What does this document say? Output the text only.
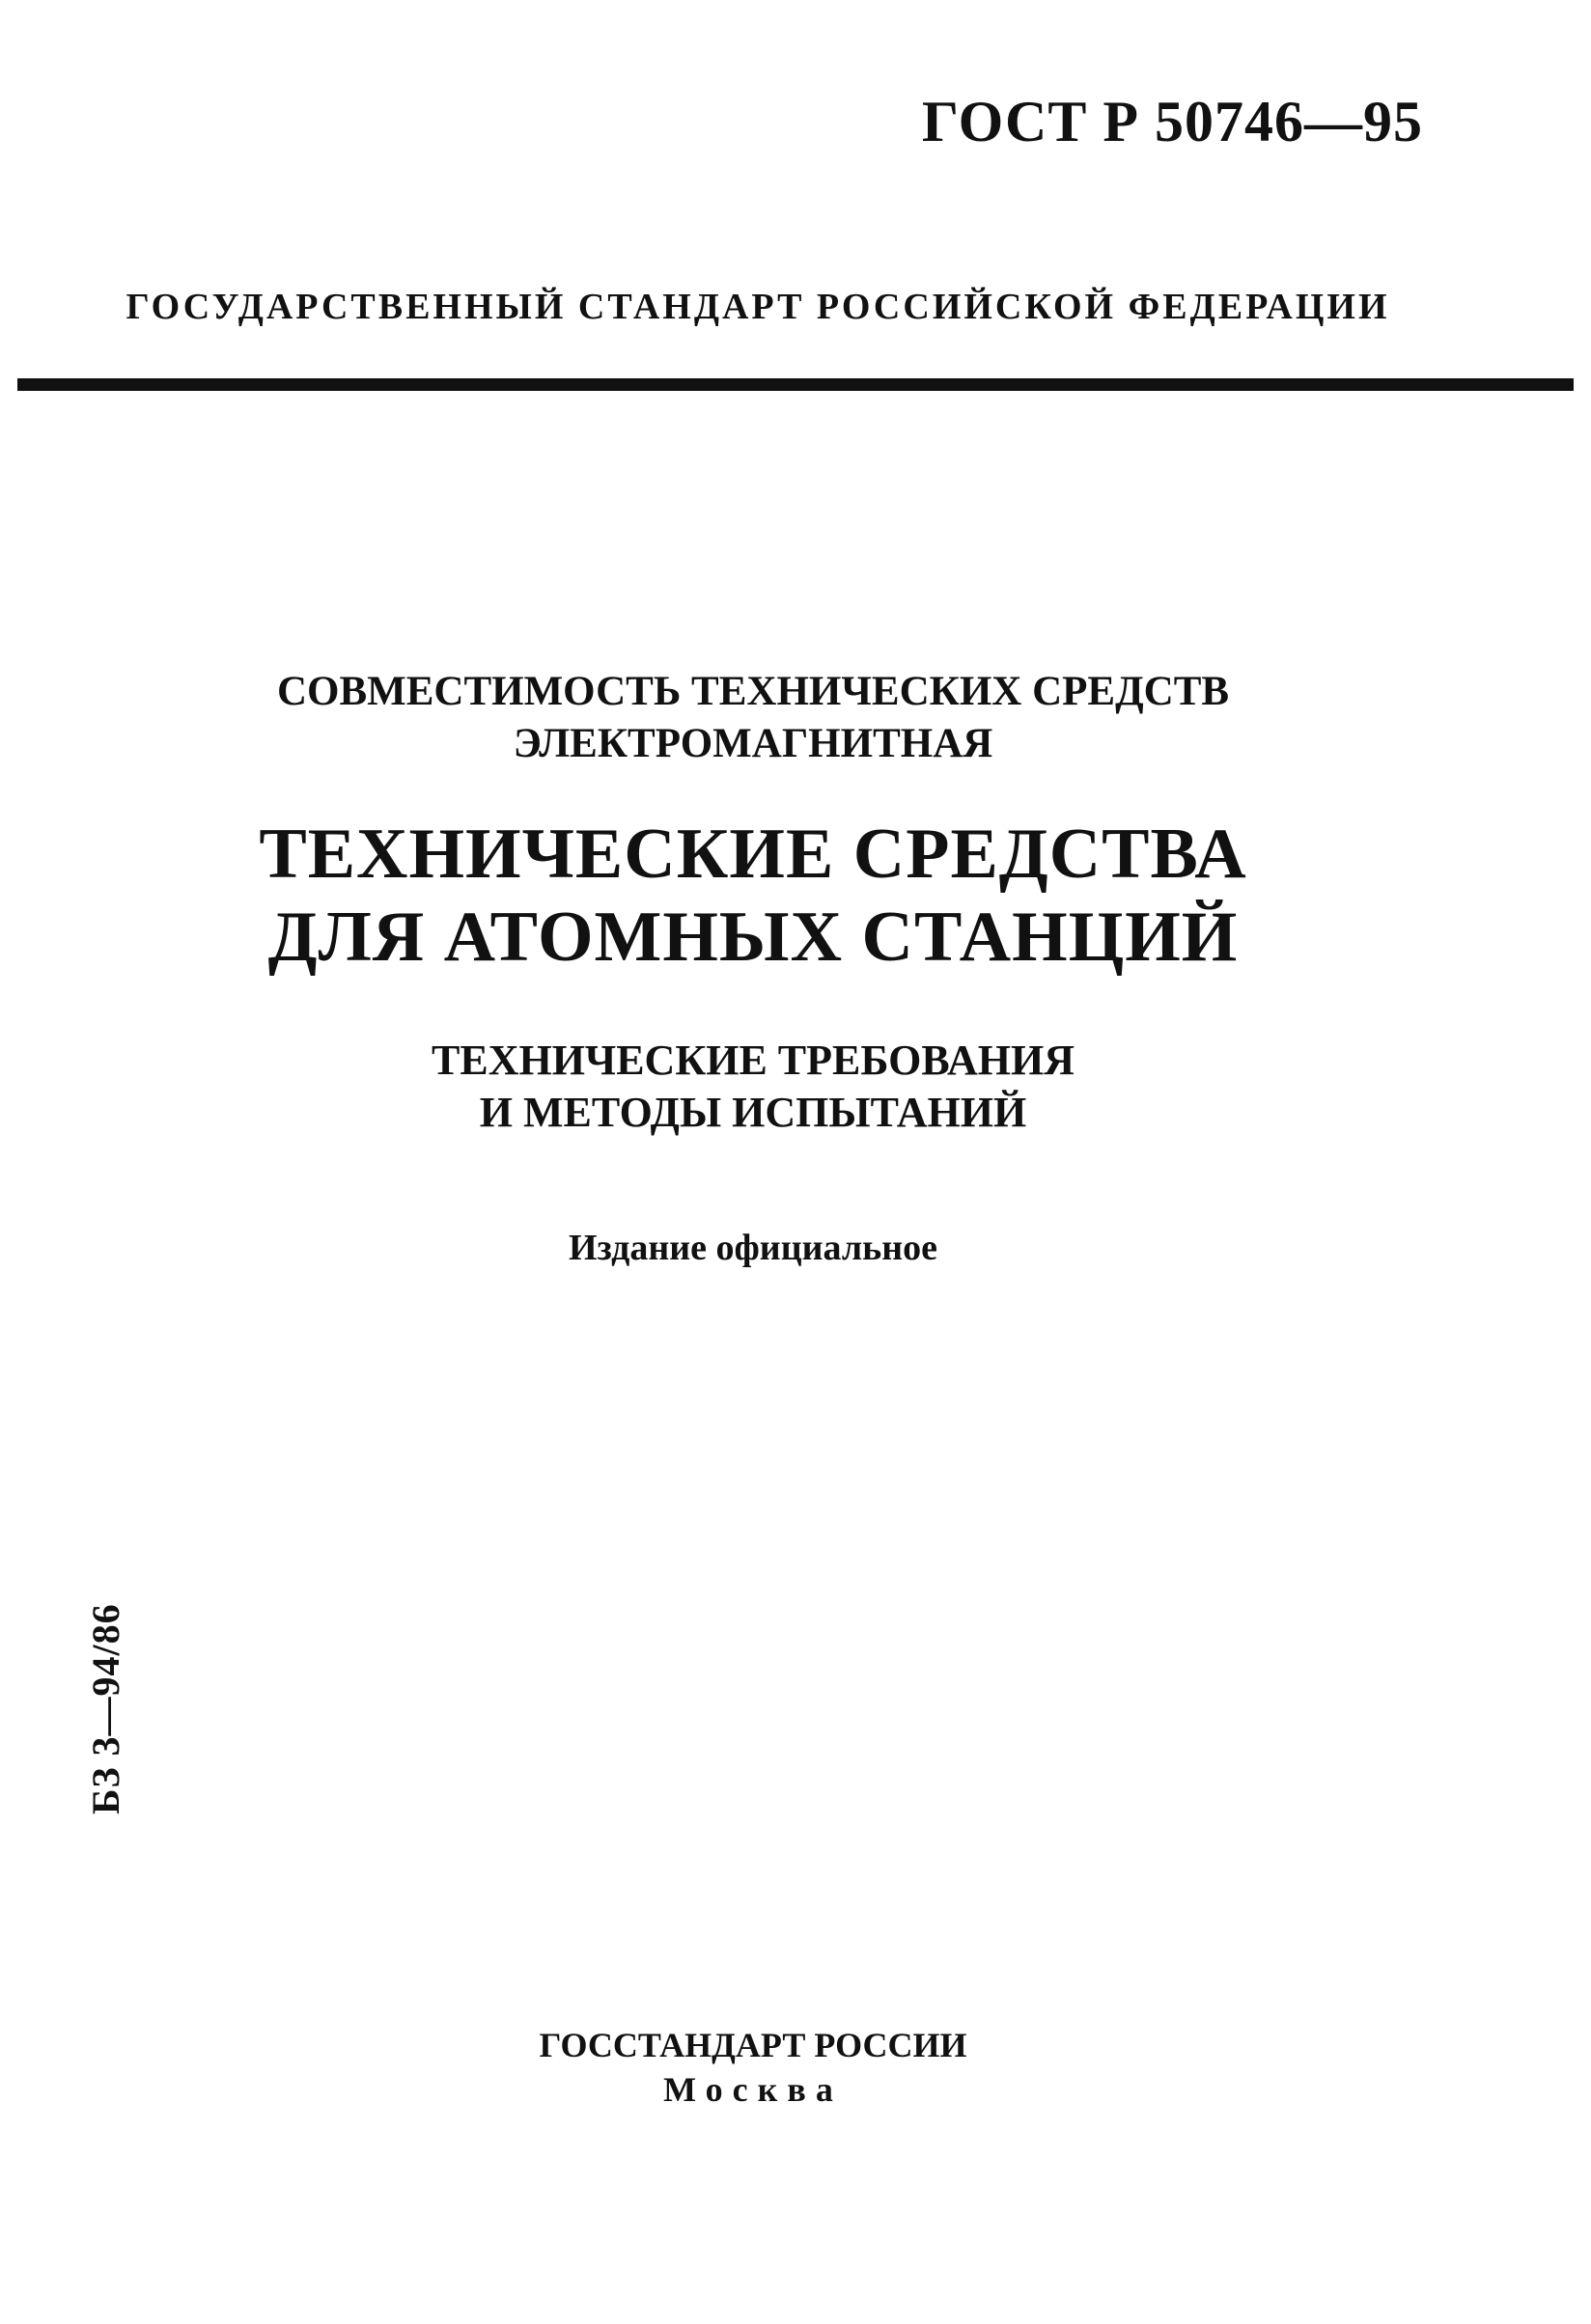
ГОСТ Р 50746—95
ГОСУДАРСТВЕННЫЙ СТАНДАРТ РОССИЙСКОЙ ФЕДЕРАЦИИ
СОВМЕСТИМОСТЬ ТЕХНИЧЕСКИХ СРЕДСТВ
ЭЛЕКТРОМАГНИТНАЯ
ТЕХНИЧЕСКИЕ СРЕДСТВА
ДЛЯ АТОМНЫХ СТАНЦИЙ
ТЕХНИЧЕСКИЕ ТРЕБОВАНИЯ
И МЕТОДЫ ИСПЫТАНИЙ
Издание официальное
БЗ 3—94/86
ГОССТАНДАРТ РОССИИ
Москва
